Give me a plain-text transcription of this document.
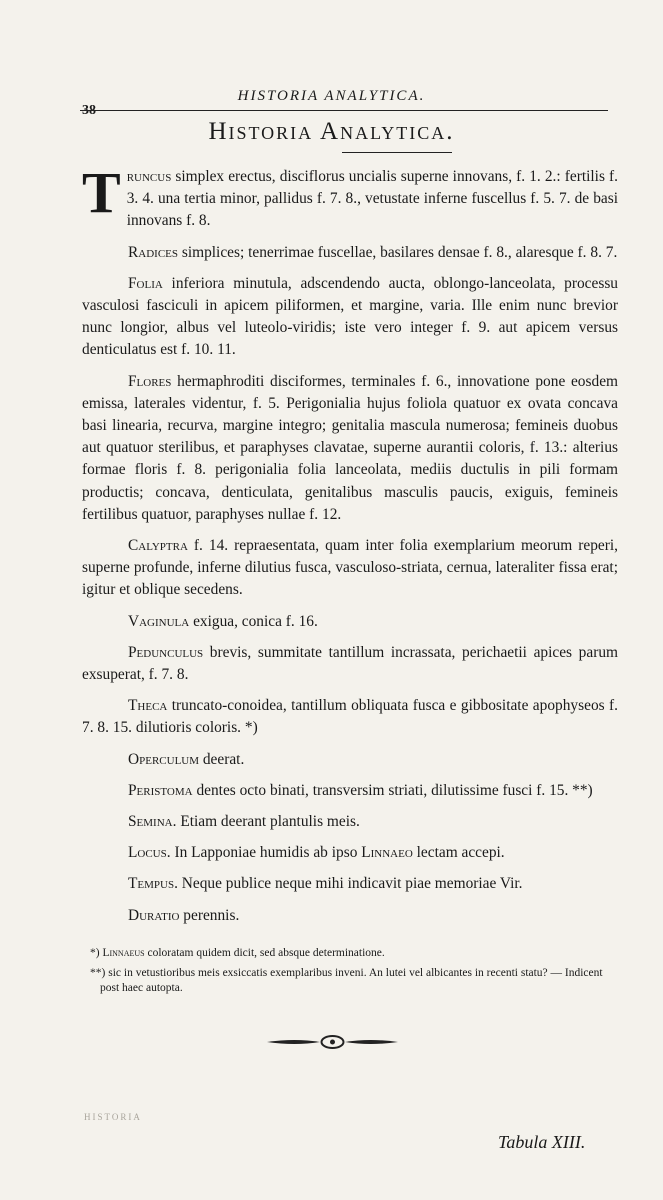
38
HISTORIA ANALYTICA.
Historia Analytica.

Truncus simplex erectus, disciflorus uncialis superne innovans, f. 1. 2.: fertilis f. 3. 4. una tertia minor, pallidus f. 7. 8., vetustate inferne fuscellus f. 5. 7. de basi innovans f. 8.

Radices simplices; tenerrimae fuscellae, basilares densae f. 8., alaresque f. 8. 7.

Folia inferiora minutula, adscendendo aucta, oblongo-lanceolata, processu vasculosi fasciculi in apicem piliformen, et margine, varia. Ille enim nunc brevior nunc longior, albus vel luteolo-viridis; iste vero integer f. 9. aut apicem versus denticulatus est f. 10. 11.

Flores hermaphroditi disciformes, terminales f. 6., innovatione pone eosdem emissa, laterales videntur, f. 5. Perigonialia hujus foliola quatuor ex ovata concava basi linearia, recurva, margine integro; genitalia mascula numerosa; femineis duobus aut quatuor sterilibus, et paraphyses clavatae, superne aurantii coloris, f. 13.: alterius formae floris f. 8. perigonialia folia lanceolata, mediis ductulis in pili formam productis; concava, denticulata, genitalibus masculis paucis, exiguis, femineis fertilibus quatuor, paraphyses nullae f. 12.

Calyptra f. 14. repraesentata, quam inter folia exemplarium meorum reperi, superne profunde, inferne dilutius fusca, vasculoso-striata, cernua, lateraliter fissa erat; igitur et oblique secedens.

Vaginula exigua, conica f. 16.

Pedunculus brevis, summitate tantillum incrassata, perichaetii apices parum exsuperat, f. 7. 8.

Theca truncato-conoidea, tantillum obliquata fusca e gibbositate apophyseos f. 7. 8. 15. dilutioris coloris. *)

Operculum deerat.

Peristoma dentes octo binati, transversim striati, dilutissime fusci f. 15. **)

Semina. Etiam deerant plantulis meis.

Locus. In Lapponiae humidis ab ipso Linnaeo lectam accepi.

Tempus. Neque publice neque mihi indicavit piae memoriae Vir.

Duratio perennis.

*) Linnaeus coloratam quidem dicit, sed absque determinatione.

**) sic in vetustioribus meis exsiccatis exemplaribus inveni. An lutei vel albicantes in recenti statu? — Indicent post haec autopta.

HISTORIA
Tabula XIII.
